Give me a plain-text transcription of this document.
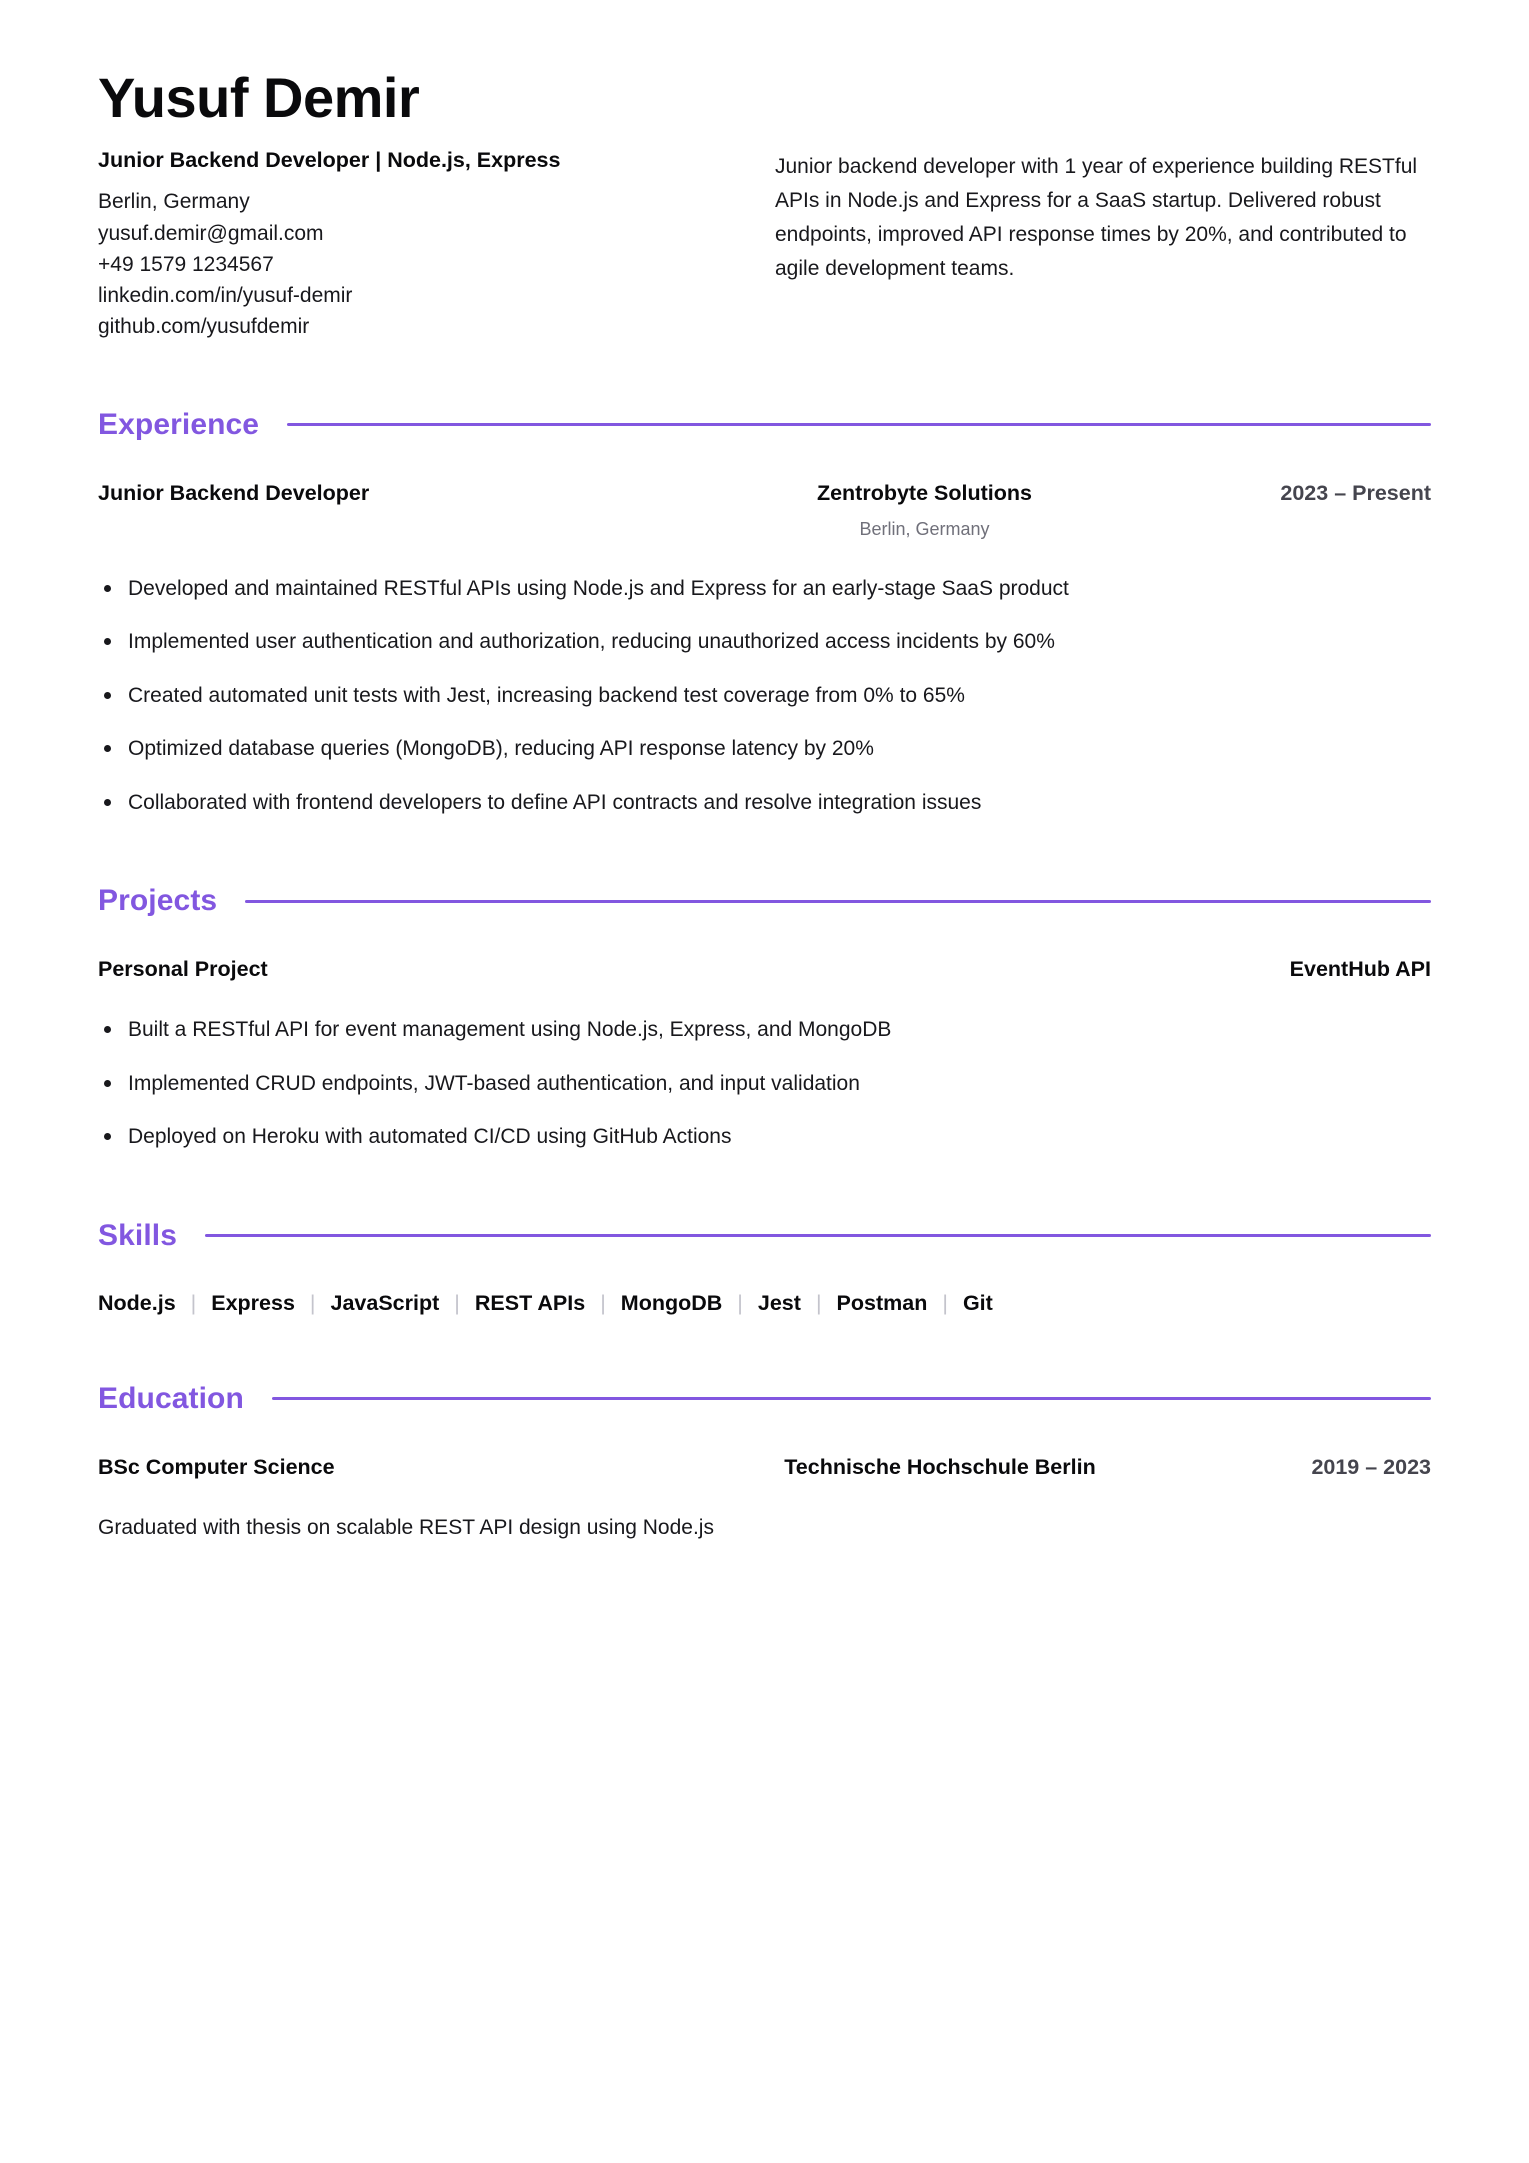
Yusuf Demir
Junior Backend Developer | Node.js, Express
Berlin, Germany
yusuf.demir@gmail.com
+49 1579 1234567
linkedin.com/in/yusuf-demir
github.com/yusufdemir

Junior backend developer with 1 year of experience building RESTful APIs in Node.js and Express for a SaaS startup. Delivered robust endpoints, improved API response times by 20%, and contributed to agile development teams.

Experience
Junior Backend Developer	Zentrobyte Solutions
Berlin, Germany
2023 – Present
Developed and maintained RESTful APIs using Node.js and Express for an early-stage SaaS product
Implemented user authentication and authorization, reducing unauthorized access incidents by 60%
Created automated unit tests with Jest, increasing backend test coverage from 0% to 65%
Optimized database queries (MongoDB), reducing API response latency by 20%
Collaborated with frontend developers to define API contracts and resolve integration issues
Projects
Personal Project	EventHub API
Built a RESTful API for event management using Node.js, Express, and MongoDB
Implemented CRUD endpoints, JWT-based authentication, and input validation
Deployed on Heroku with automated CI/CD using GitHub Actions
Skills
Node.js | Express | JavaScript | REST APIs | MongoDB | Jest | Postman | Git
Education
BSc Computer Science	Technische Hochschule Berlin	2019 – 2023
Graduated with thesis on scalable REST API design using Node.js
